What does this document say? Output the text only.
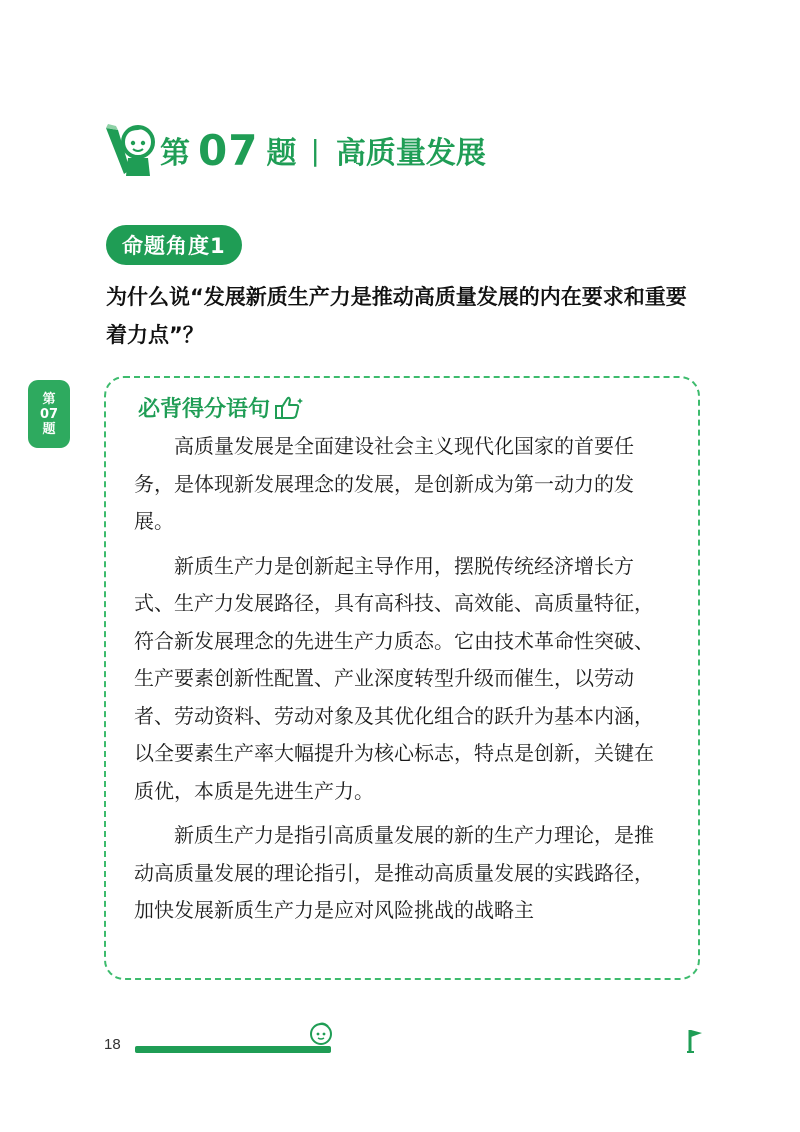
第 07 题 | 高质量发展
命题角度1

为什么说“发展新质生产力是推动高质量发展的内在要求和重要着力点”？

第
07
题
必背得分语句

高质量发展是全面建设社会主义现代化国家的首要任务，是体现新发展理念的发展，是创新成为第一动力的发展。

新质生产力是创新起主导作用，摆脱传统经济增长方式、生产力发展路径，具有高科技、高效能、高质量特征，符合新发展理念的先进生产力质态。它由技术革命性突破、生产要素创新性配置、产业深度转型升级而催生，以劳动者、劳动资料、劳动对象及其优化组合的跃升为基本内涵，以全要素生产率大幅提升为核心标志，特点是创新，关键在质优，本质是先进生产力。

新质生产力是指引高质量发展的新的生产力理论，是推动高质量发展的理论指引，是推动高质量发展的实践路径，加快发展新质生产力是应对风险挑战的战略主

18
